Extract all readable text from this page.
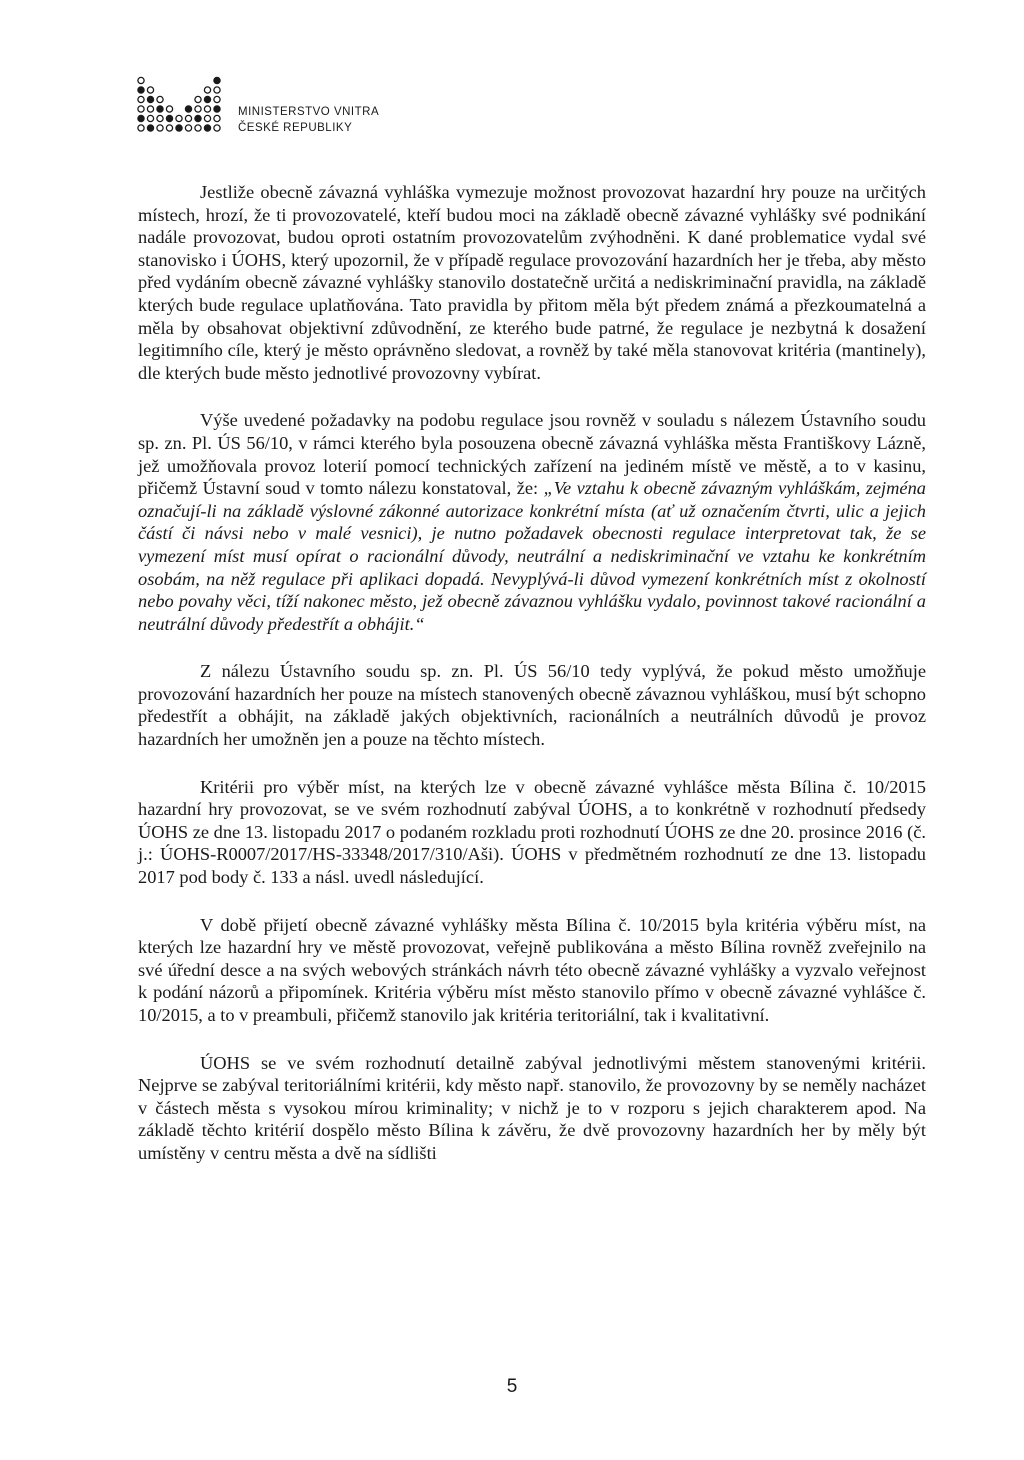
MINISTERSTVO VNITRA
ČESKÉ REPUBLIKY

Jestliže obecně závazná vyhláška vymezuje možnost provozovat hazardní hry pouze na určitých místech, hrozí, že ti provozovatelé, kteří budou moci na základě obecně závazné vyhlášky své podnikání nadále provozovat, budou oproti ostatním provozovatelům zvýhodněni. K dané problematice vydal své stanovisko i ÚOHS, který upozornil, že v případě regulace provozování hazardních her je třeba, aby město před vydáním obecně závazné vyhlášky stanovilo dostatečně určitá a nediskriminační pravidla, na základě kterých bude regulace uplatňována. Tato pravidla by přitom měla být předem známá a přezkoumatelná a měla by obsahovat objektivní zdůvodnění, ze kterého bude patrné, že regulace je nezbytná k dosažení legitimního cíle, který je město oprávněno sledovat, a rovněž by také měla stanovovat kritéria (mantinely), dle kterých bude město jednotlivé provozovny vybírat.

Výše uvedené požadavky na podobu regulace jsou rovněž v souladu s nálezem Ústavního soudu sp. zn. Pl. ÚS 56/10, v rámci kterého byla posouzena obecně závazná vyhláška města Františkovy Lázně, jež umožňovala provoz loterií pomocí technických zařízení na jediném místě ve městě, a to v kasinu, přičemž Ústavní soud v tomto nálezu konstatoval, že: „Ve vztahu k obecně závazným vyhláškám, zejména označují-li na základě výslovné zákonné autorizace konkrétní místa (ať už označením čtvrti, ulic a jejich částí či návsi nebo v malé vesnici), je nutno požadavek obecnosti regulace interpretovat tak, že se vymezení míst musí opírat o racionální důvody, neutrální a nediskriminační ve vztahu ke konkrétním osobám, na něž regulace při aplikaci dopadá. Nevyplývá-li důvod vymezení konkrétních míst z okolností nebo povahy věci, tíží nakonec město, jež obecně závaznou vyhlášku vydalo, povinnost takové racionální a neutrální důvody předestřít a obhájit.“

Z nálezu Ústavního soudu sp. zn. Pl. ÚS 56/10 tedy vyplývá, že pokud město umožňuje provozování hazardních her pouze na místech stanovených obecně závaznou vyhláškou, musí být schopno předestřít a obhájit, na základě jakých objektivních, racionálních a neutrálních důvodů je provoz hazardních her umožněn jen a pouze na těchto místech.

Kritérii pro výběr míst, na kterých lze v obecně závazné vyhlášce města Bílina č. 10/2015 hazardní hry provozovat, se ve svém rozhodnutí zabýval ÚOHS, a to konkrétně v rozhodnutí předsedy ÚOHS ze dne 13. listopadu 2017 o podaném rozkladu proti rozhodnutí ÚOHS ze dne 20. prosince 2016 (č. j.: ÚOHS-R0007/2017/HS-33348/2017/310/Aši). ÚOHS v předmětném rozhodnutí ze dne 13. listopadu 2017 pod body č. 133 a násl. uvedl následující.

V době přijetí obecně závazné vyhlášky města Bílina č. 10/2015 byla kritéria výběru míst, na kterých lze hazardní hry ve městě provozovat, veřejně publikována a město Bílina rovněž zveřejnilo na své úřední desce a na svých webových stránkách návrh této obecně závazné vyhlášky a vyzvalo veřejnost k podání názorů a připomínek. Kritéria výběru míst město stanovilo přímo v obecně závazné vyhlášce č. 10/2015, a to v preambuli, přičemž stanovilo jak kritéria teritoriální, tak i kvalitativní.

ÚOHS se ve svém rozhodnutí detailně zabýval jednotlivými městem stanovenými kritérii. Nejprve se zabýval teritoriálními kritérii, kdy město např. stanovilo, že provozovny by se neměly nacházet v částech města s vysokou mírou kriminality; v nichž je to v rozporu s jejich charakterem apod. Na základě těchto kritérií dospělo město Bílina k závěru, že dvě provozovny hazardních her by měly být umístěny v centru města a dvě na sídlišti

5
